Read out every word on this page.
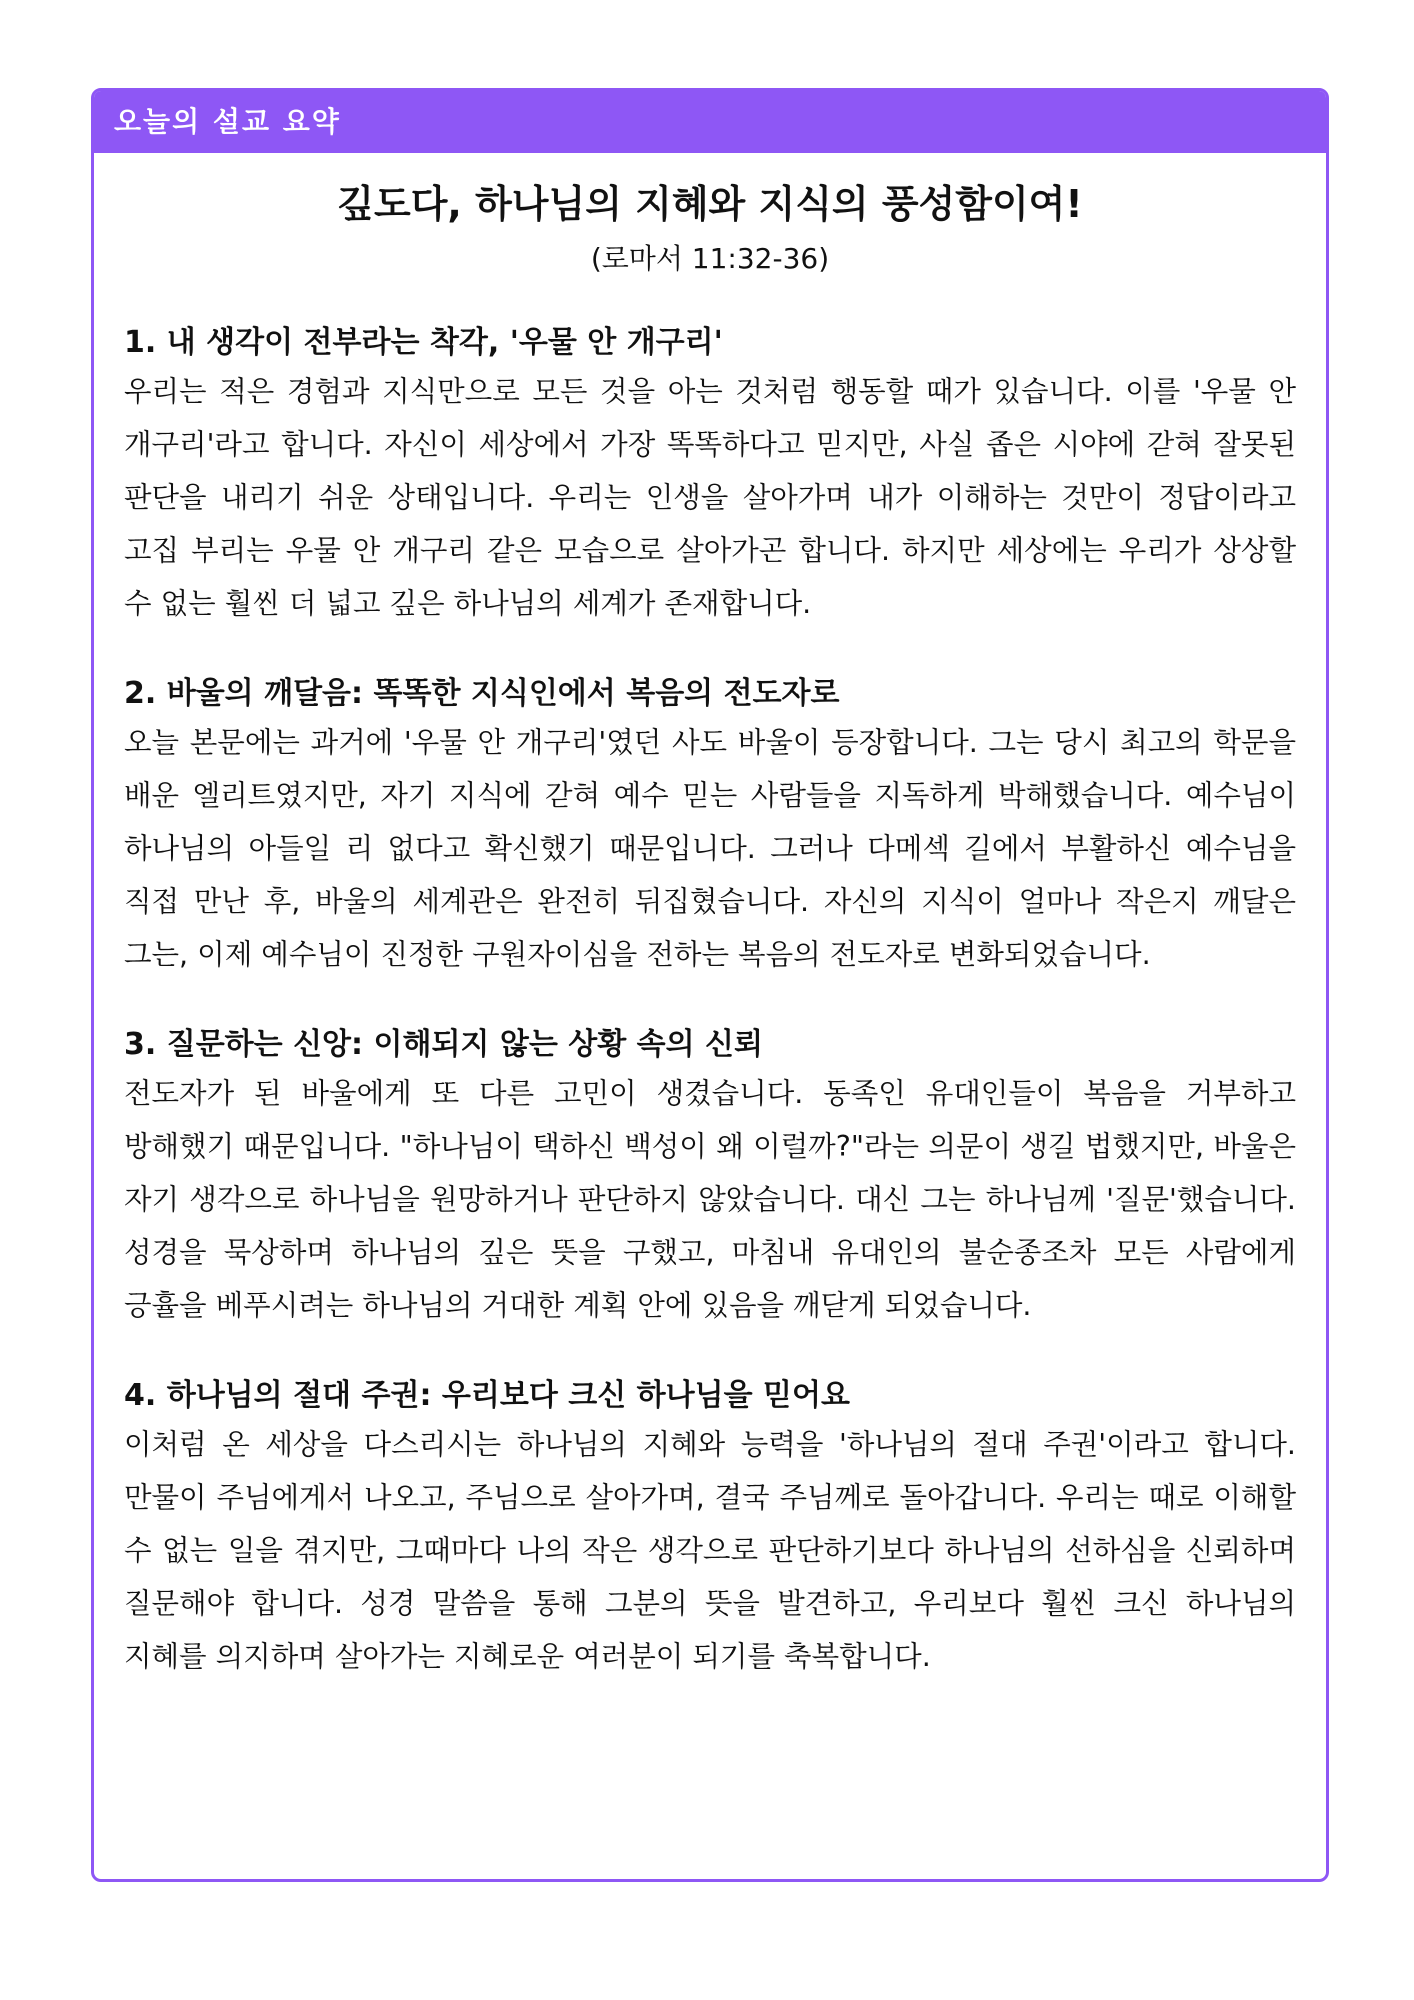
오늘의 설교 요약
깊도다, 하나님의 지혜와 지식의 풍성함이여!

(로마서 11:32-36)

1. 내 생각이 전부라는 착각, '우물 안 개구리'

우리는 적은 경험과 지식만으로 모든 것을 아는 것처럼 행동할 때가 있습니다. 이를 '우물 안 개구리'라고 합니다. 자신이 세상에서 가장 똑똑하다고 믿지만, 사실 좁은 시야에 갇혀 잘못된 판단을 내리기 쉬운 상태입니다. 우리는 인생을 살아가며 내가 이해하는 것만이 정답이라고 고집 부리는 우물 안 개구리 같은 모습으로 살아가곤 합니다. 하지만 세상에는 우리가 상상할 수 없는 훨씬 더 넓고 깊은 하나님의 세계가 존재합니다.

2. 바울의 깨달음: 똑똑한 지식인에서 복음의 전도자로

오늘 본문에는 과거에 '우물 안 개구리'였던 사도 바울이 등장합니다. 그는 당시 최고의 학문을 배운 엘리트였지만, 자기 지식에 갇혀 예수 믿는 사람들을 지독하게 박해했습니다. 예수님이 하나님의 아들일 리 없다고 확신했기 때문입니다. 그러나 다메섹 길에서 부활하신 예수님을 직접 만난 후, 바울의 세계관은 완전히 뒤집혔습니다. 자신의 지식이 얼마나 작은지 깨달은 그는, 이제 예수님이 진정한 구원자이심을 전하는 복음의 전도자로 변화되었습니다.

3. 질문하는 신앙: 이해되지 않는 상황 속의 신뢰

전도자가 된 바울에게 또 다른 고민이 생겼습니다. 동족인 유대인들이 복음을 거부하고 방해했기 때문입니다. "하나님이 택하신 백성이 왜 이럴까?"라는 의문이 생길 법했지만, 바울은 자기 생각으로 하나님을 원망하거나 판단하지 않았습니다. 대신 그는 하나님께 '질문'했습니다. 성경을 묵상하며 하나님의 깊은 뜻을 구했고, 마침내 유대인의 불순종조차 모든 사람에게 긍휼을 베푸시려는 하나님의 거대한 계획 안에 있음을 깨닫게 되었습니다.

4. 하나님의 절대 주권: 우리보다 크신 하나님을 믿어요

이처럼 온 세상을 다스리시는 하나님의 지혜와 능력을 '하나님의 절대 주권'이라고 합니다. 만물이 주님에게서 나오고, 주님으로 살아가며, 결국 주님께로 돌아갑니다. 우리는 때로 이해할 수 없는 일을 겪지만, 그때마다 나의 작은 생각으로 판단하기보다 하나님의 선하심을 신뢰하며 질문해야 합니다. 성경 말씀을 통해 그분의 뜻을 발견하고, 우리보다 훨씬 크신 하나님의 지혜를 의지하며 살아가는 지혜로운 여러분이 되기를 축복합니다.
